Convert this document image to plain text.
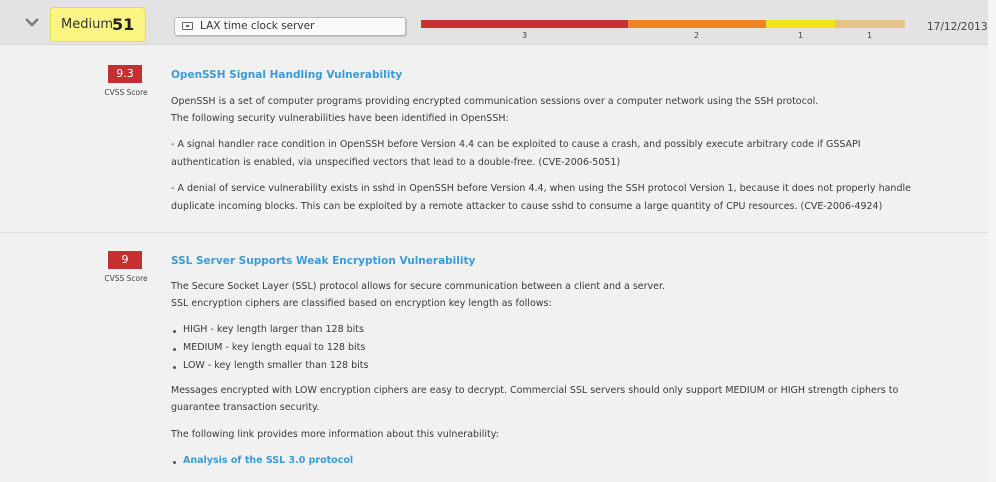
Medium 51	LAX time clock server
3	2	1	1
17/12/2013
9.3
CVSS Score
OpenSSH Signal Handling Vulnerability
OpenSSH is a set of computer programs providing encrypted communication sessions over a computer network using the SSH protocol.
The following security vulnerabilities have been identified in OpenSSH:
- A signal handler race condition in OpenSSH before Version 4.4 can be exploited to cause a crash, and possibly execute arbitrary code if GSSAPI
authentication is enabled, via unspecified vectors that lead to a double-free. (CVE-2006-5051)
- A denial of service vulnerability exists in sshd in OpenSSH before Version 4.4, when using the SSH protocol Version 1, because it does not properly handle
duplicate incoming blocks. This can be exploited by a remote attacker to cause sshd to consume a large quantity of CPU resources. (CVE-2006-4924)
9
CVSS Score
SSL Server Supports Weak Encryption Vulnerability
The Secure Socket Layer (SSL) protocol allows for secure communication between a client and a server.
SSL encryption ciphers are classified based on encryption key length as follows:
HIGH - key length larger than 128 bits
MEDIUM - key length equal to 128 bits
LOW - key length smaller than 128 bits
Messages encrypted with LOW encryption ciphers are easy to decrypt. Commercial SSL servers should only support MEDIUM or HIGH strength ciphers to
guarantee transaction security.
The following link provides more information about this vulnerability:
Analysis of the SSL 3.0 protocol
